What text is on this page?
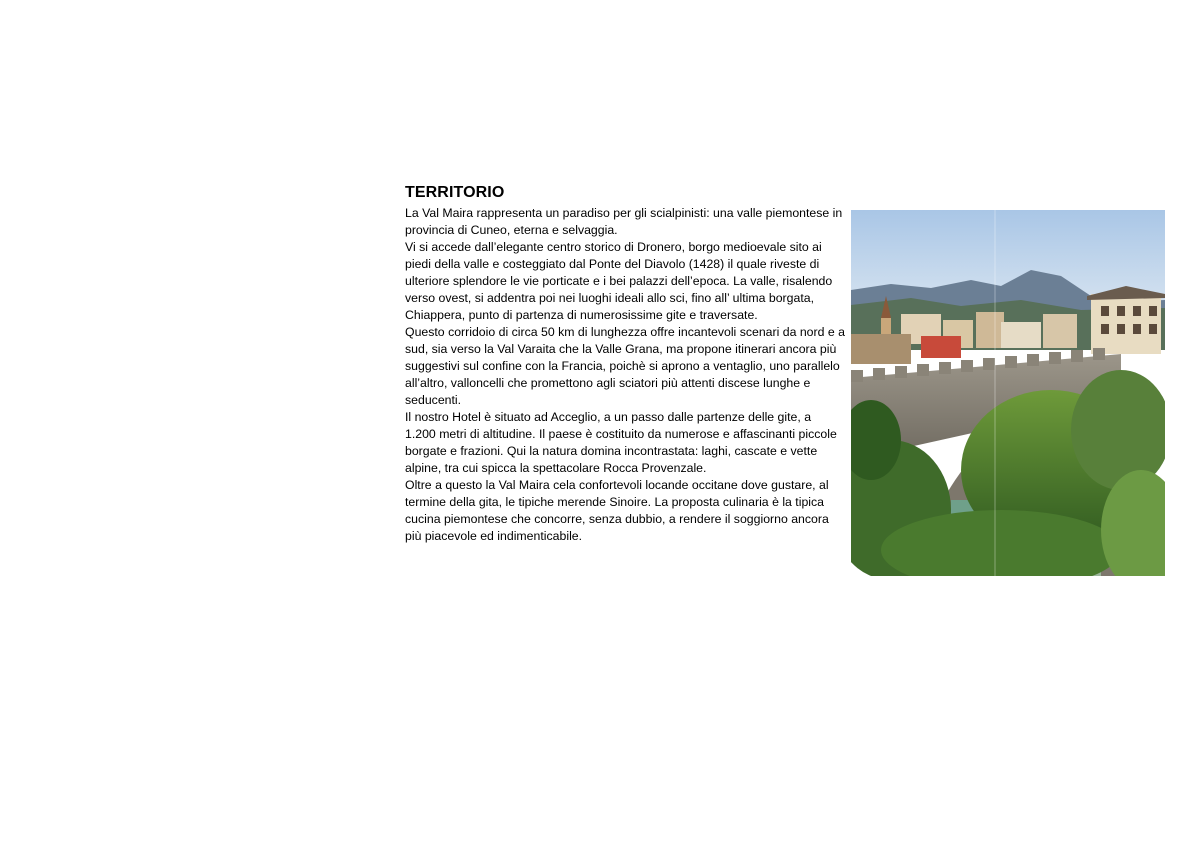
TERRITORIO

La Val Maira rappresenta un paradiso per gli scialpinisti: una valle piemontese in provincia di Cuneo, eterna e selvaggia.

Vi si accede dall’elegante centro storico di Dronero, borgo medioevale sito ai piedi della valle e costeggiato dal Ponte del Diavolo (1428) il quale riveste di ulteriore splendore le vie porticate e i bei palazzi dell’epoca. La valle, risalendo verso ovest, si addentra poi nei luoghi ideali allo sci, fino all’ ultima borgata, Chiappera, punto di partenza di numerosissime gite e traversate.

Questo corridoio di circa 50 km di lunghezza offre incantevoli scenari da nord e a sud, sia verso la Val Varaita che la Valle Grana, ma propone itinerari ancora più suggestivi sul confine con la Francia, poichè si aprono a ventaglio, uno parallelo all’altro, valloncelli che promettono agli sciatori più attenti discese lunghe e seducenti.

Il nostro Hotel è situato ad Acceglio, a un passo dalle partenze delle gite, a 1.200 metri di altitudine. Il paese è costituito da numerose e affascinanti piccole borgate e frazioni. Qui la natura domina incontrastata: laghi, cascate e vette alpine, tra cui spicca la spettacolare Rocca Provenzale.

Oltre a questo la Val Maira cela confortevoli locande occitane dove gustare, al termine della gita, le tipiche merende Sinoire. La proposta culinaria è la tipica cucina piemontese che concorre, senza dubbio, a rendere il soggiorno ancora più piacevole ed indimenticabile.
